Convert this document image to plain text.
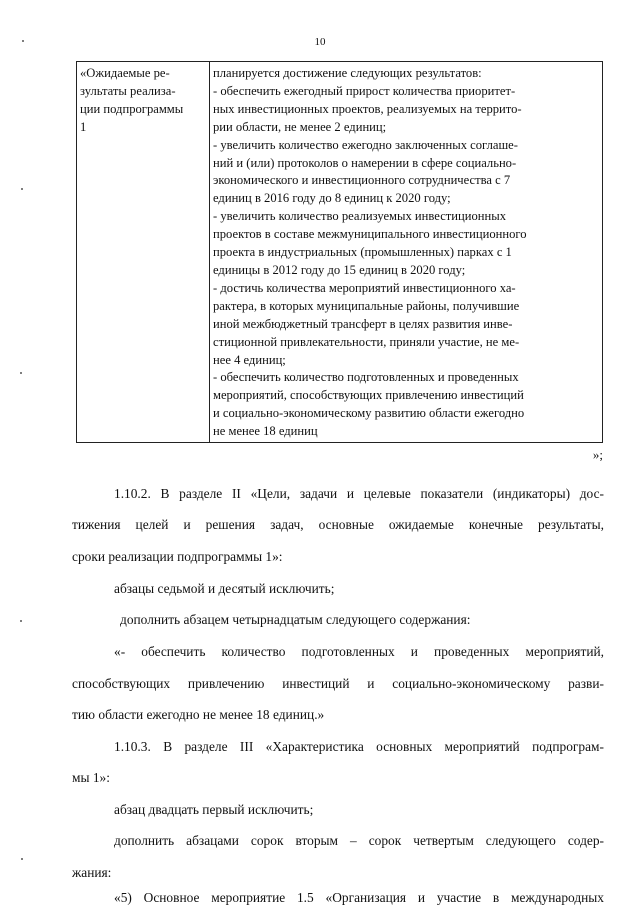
10
«Ожидаемые ре-
зультаты реализа-
ции подпрограммы
1

планируется достижение следующих результатов:
- обеспечить ежегодный прирост количества приоритет-
ных инвестиционных проектов, реализуемых на террито-
рии области, не менее 2 единиц;
- увеличить количество ежегодно заключенных соглаше-
ний и (или) протоколов о намерении в сфере социально-
экономического и инвестиционного сотрудничества с 7
единиц в 2016 году до 8 единиц к 2020 году;
- увеличить количество реализуемых инвестиционных
проектов в составе межмуниципального инвестиционного
проекта в индустриальных (промышленных) парках с 1
единицы в 2012 году до 15 единиц в 2020 году;
- достичь количества мероприятий инвестиционного ха-
рактера, в которых муниципальные районы, получившие
иной межбюджетный трансферт в целях развития инве-
стиционной привлекательности, приняли участие, не ме-
нее 4 единиц;
- обеспечить количество подготовленных и проведенных
мероприятий, способствующих привлечению инвестиций
и социально-экономическому развитию области ежегодно
не менее 18 единиц
»;

1.10.2. В разделе II «Цели, задачи и целевые показатели (индикаторы) дос-

тижения целей и решения задач, основные ожидаемые конечные результаты,

сроки реализации подпрограммы 1»:

абзацы седьмой и десятый исключить;

дополнить абзацем четырнадцатым следующего содержания:

«- обеспечить количество подготовленных и проведенных мероприятий,

способствующих привлечению инвестиций и социально-экономическому разви-

тию области ежегодно не менее 18 единиц.»

1.10.3. В разделе III «Характеристика основных мероприятий подпрограм-

мы 1»:

абзац двадцать первый исключить;

дополнить абзацами сорок вторым – сорок четвертым следующего содер-

жания:

«5) Основное мероприятие 1.5 «Организация и участие в международных
